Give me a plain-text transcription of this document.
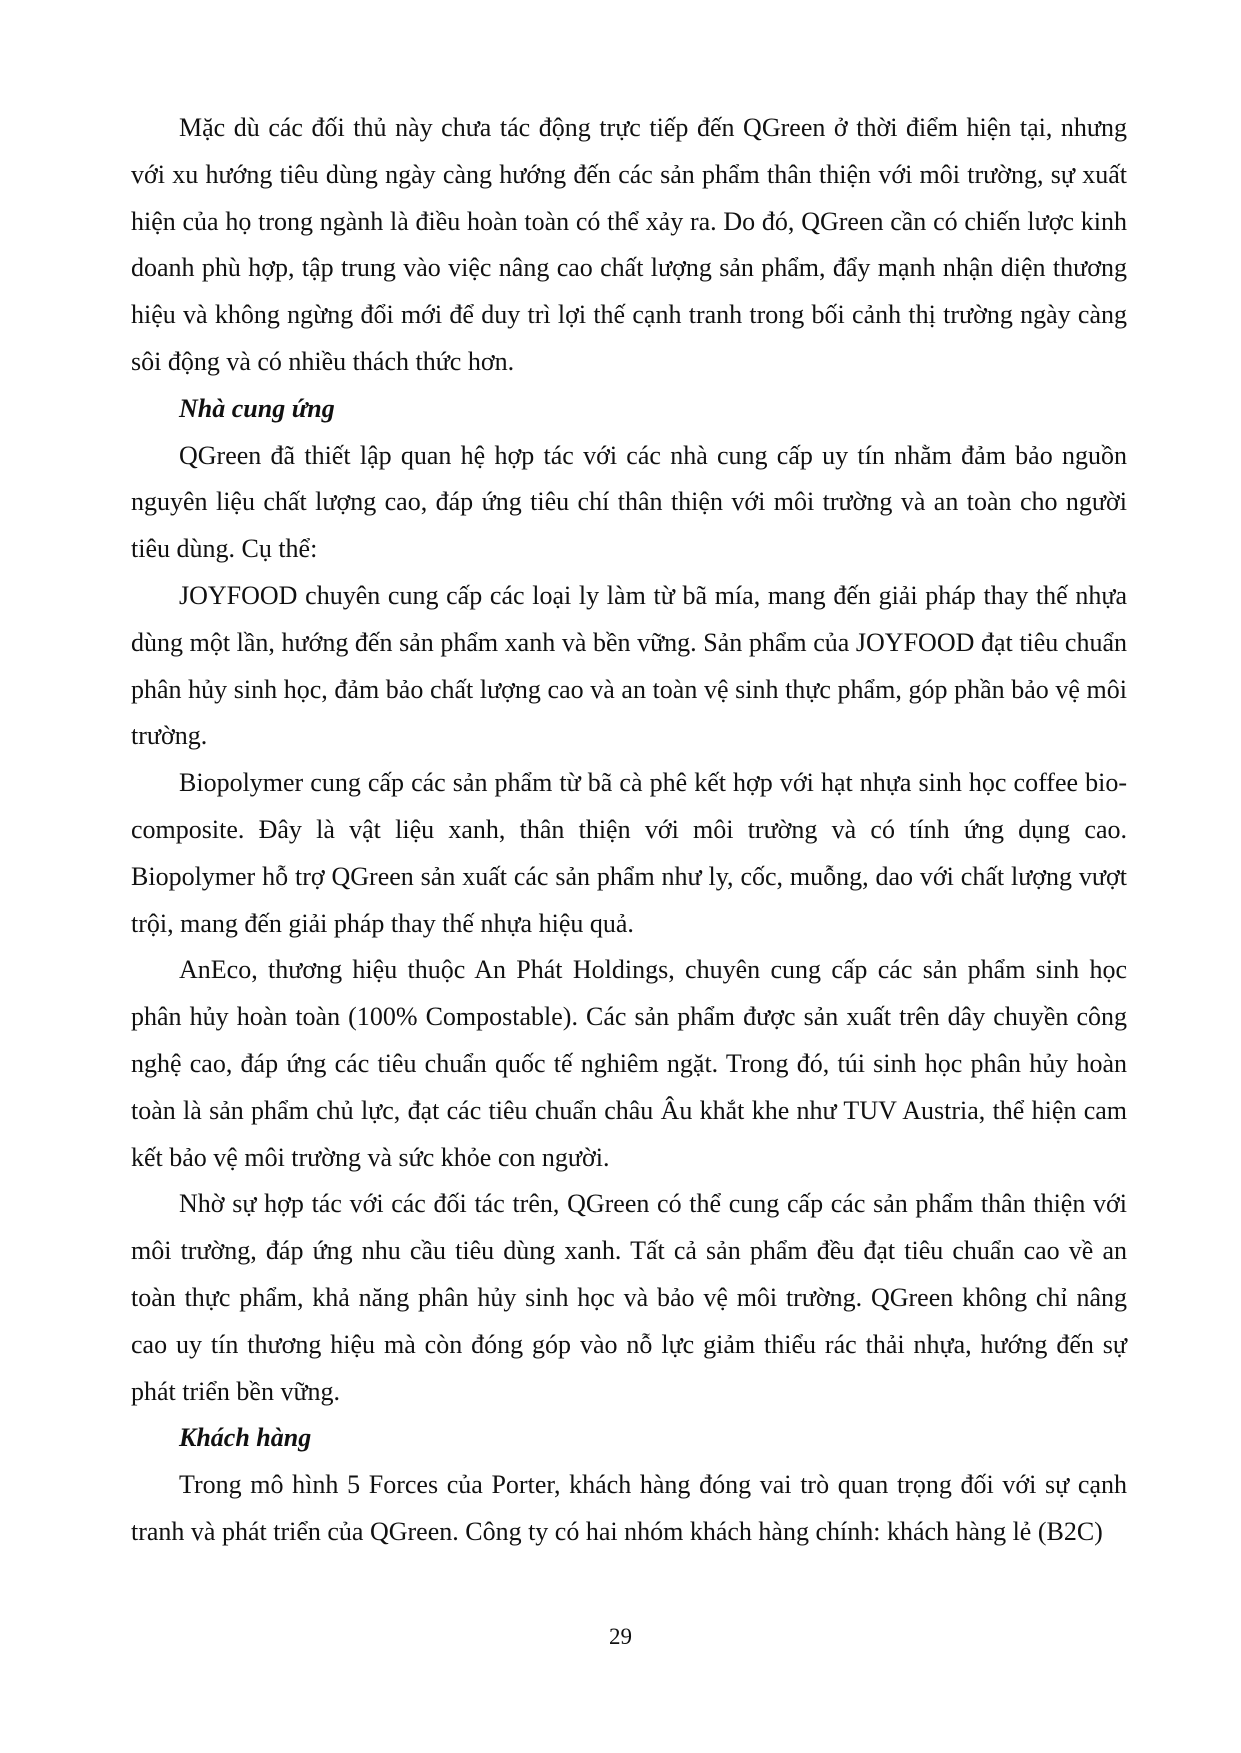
Mặc dù các đối thủ này chưa tác động trực tiếp đến QGreen ở thời điểm hiện tại, nhưng với xu hướng tiêu dùng ngày càng hướng đến các sản phẩm thân thiện với môi trường, sự xuất hiện của họ trong ngành là điều hoàn toàn có thể xảy ra. Do đó, QGreen cần có chiến lược kinh doanh phù hợp, tập trung vào việc nâng cao chất lượng sản phẩm, đẩy mạnh nhận diện thương hiệu và không ngừng đổi mới để duy trì lợi thế cạnh tranh trong bối cảnh thị trường ngày càng sôi động và có nhiều thách thức hơn.

Nhà cung ứng

QGreen đã thiết lập quan hệ hợp tác với các nhà cung cấp uy tín nhằm đảm bảo nguồn nguyên liệu chất lượng cao, đáp ứng tiêu chí thân thiện với môi trường và an toàn cho người tiêu dùng. Cụ thể:

JOYFOOD chuyên cung cấp các loại ly làm từ bã mía, mang đến giải pháp thay thế nhựa dùng một lần, hướng đến sản phẩm xanh và bền vững. Sản phẩm của JOYFOOD đạt tiêu chuẩn phân hủy sinh học, đảm bảo chất lượng cao và an toàn vệ sinh thực phẩm, góp phần bảo vệ môi trường.

Biopolymer cung cấp các sản phẩm từ bã cà phê kết hợp với hạt nhựa sinh học coffee bio-composite. Đây là vật liệu xanh, thân thiện với môi trường và có tính ứng dụng cao. Biopolymer hỗ trợ QGreen sản xuất các sản phẩm như ly, cốc, muỗng, dao với chất lượng vượt trội, mang đến giải pháp thay thế nhựa hiệu quả.

AnEco, thương hiệu thuộc An Phát Holdings, chuyên cung cấp các sản phẩm sinh học phân hủy hoàn toàn (100% Compostable). Các sản phẩm được sản xuất trên dây chuyền công nghệ cao, đáp ứng các tiêu chuẩn quốc tế nghiêm ngặt. Trong đó, túi sinh học phân hủy hoàn toàn là sản phẩm chủ lực, đạt các tiêu chuẩn châu Âu khắt khe như TUV Austria, thể hiện cam kết bảo vệ môi trường và sức khỏe con người.

Nhờ sự hợp tác với các đối tác trên, QGreen có thể cung cấp các sản phẩm thân thiện với môi trường, đáp ứng nhu cầu tiêu dùng xanh. Tất cả sản phẩm đều đạt tiêu chuẩn cao về an toàn thực phẩm, khả năng phân hủy sinh học và bảo vệ môi trường. QGreen không chỉ nâng cao uy tín thương hiệu mà còn đóng góp vào nỗ lực giảm thiểu rác thải nhựa, hướng đến sự phát triển bền vững.

Khách hàng

Trong mô hình 5 Forces của Porter, khách hàng đóng vai trò quan trọng đối với sự cạnh tranh và phát triển của QGreen. Công ty có hai nhóm khách hàng chính: khách hàng lẻ (B2C)

29
